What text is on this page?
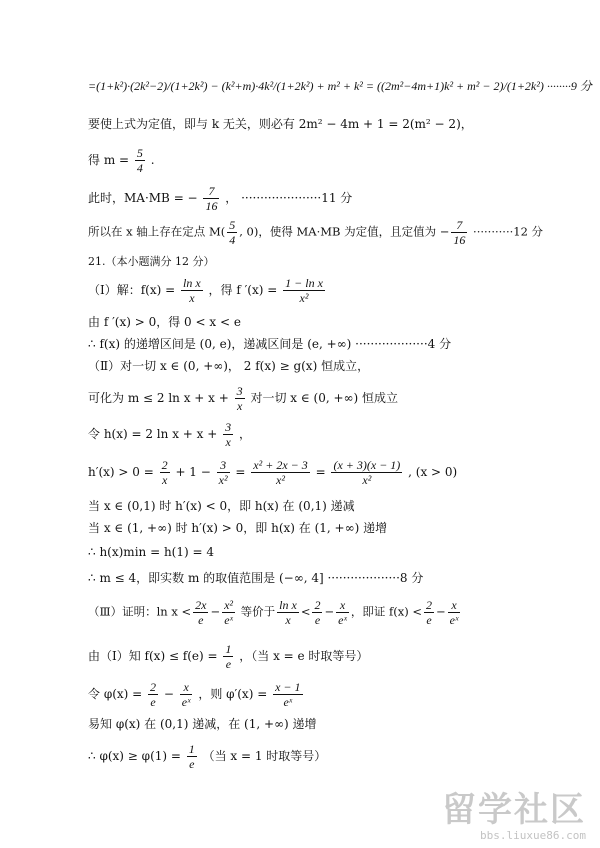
=(1+k²)·(2k²−2)/(1+2k²) − (k²+m)·4k²/(1+2k²) + m² + k² = ((2m²−4m+1)k² + m² − 2)/(1+2k²) ········9 分
要使上式为定值，即与 k 无关，则必有 2m² − 4m + 1 = 2(m² − 2)，
得 $m = \frac{5}{4}$ .
此时，MA·MB = − $\frac{7}{16}$ ， ·····················11 分
所以在 x 轴上存在定点 $M( \frac{5}{4}$ , 0)，使得 MA·MB 为定值，且定值为 − $\frac{7}{16} \cdot\cdot\cdot\cdot\cdot\cdot\cdot\cdot\cdot\cdot\cdot 12$ 分
21.（本小题满分 12 分）
（Ⅰ）解：$f(x) = \frac{\text{ln x}}{x}$ ，得 f $'(x) = \frac{\text{1 − ln x}}{\text{x²}}$
由 f ′(x) > 0，得 0 < x < e
∴ f(x) 的递增区间是 (0, e)，递减区间是 (e, +∞) ···················4 分
（Ⅱ）对一切 x ∈ (0, +∞)， 2 f(x) ≥ g(x) 恒成立，
可化为 m ≤ 2 $\ln x + x + \frac{3}{x}$ 对一切 x ∈ (0, +∞) 恒成立
令 h(x) = 2 $\ln x + x + \frac{3}{x}$ ，
$h'(x) > 0 = \frac{2}{x} + 1 - \frac{3}{\text{x²}} = \frac{\text{x² + 2x − 3}}{\text{x²}} = \frac{(x + 3)(x - 1)}{\text{x²}}$ , (x > 0)
当 x ∈ (0,1) 时 h′(x) < 0，即 h(x) 在 (0,1) 递减
当 x ∈ (1, +∞) 时 h′(x) > 0，即 h(x) 在 (1, +∞) 递增
∴ h(x)min = h(1) = 4
∴ m ≤ 4，即实数 m 的取值范围是 (−∞, 4] ···················8 分
（Ⅲ）证明：$\ln x < \frac{2x}{e} - \frac{\text{x²}}{\text{eˣ}}$ 等价于 $\frac{\text{ln x}}{x} < \frac{2}{e} - \frac{x}{\text{eˣ}}$ ，即证 $f(x) < \frac{2}{e} - \frac{x}{\text{eˣ}}$
由（Ⅰ）知 $f(x) \le f(e) = \frac{1}{e}$ ，（当 x = e 时取等号）
令 $\varphi(x) = \frac{2}{e} - \frac{x}{\text{eˣ}}$ ，则 $\varphi'(x) = \frac{x - 1}{\text{eˣ}}$
易知 φ(x) 在 (0,1) 递减，在 (1, +∞) 递增
∴ $\varphi(x) \ge \varphi(1) = \frac{1}{e}$ （当 x = 1 时取等号）
留学社区
bbs.liuxue86.com
